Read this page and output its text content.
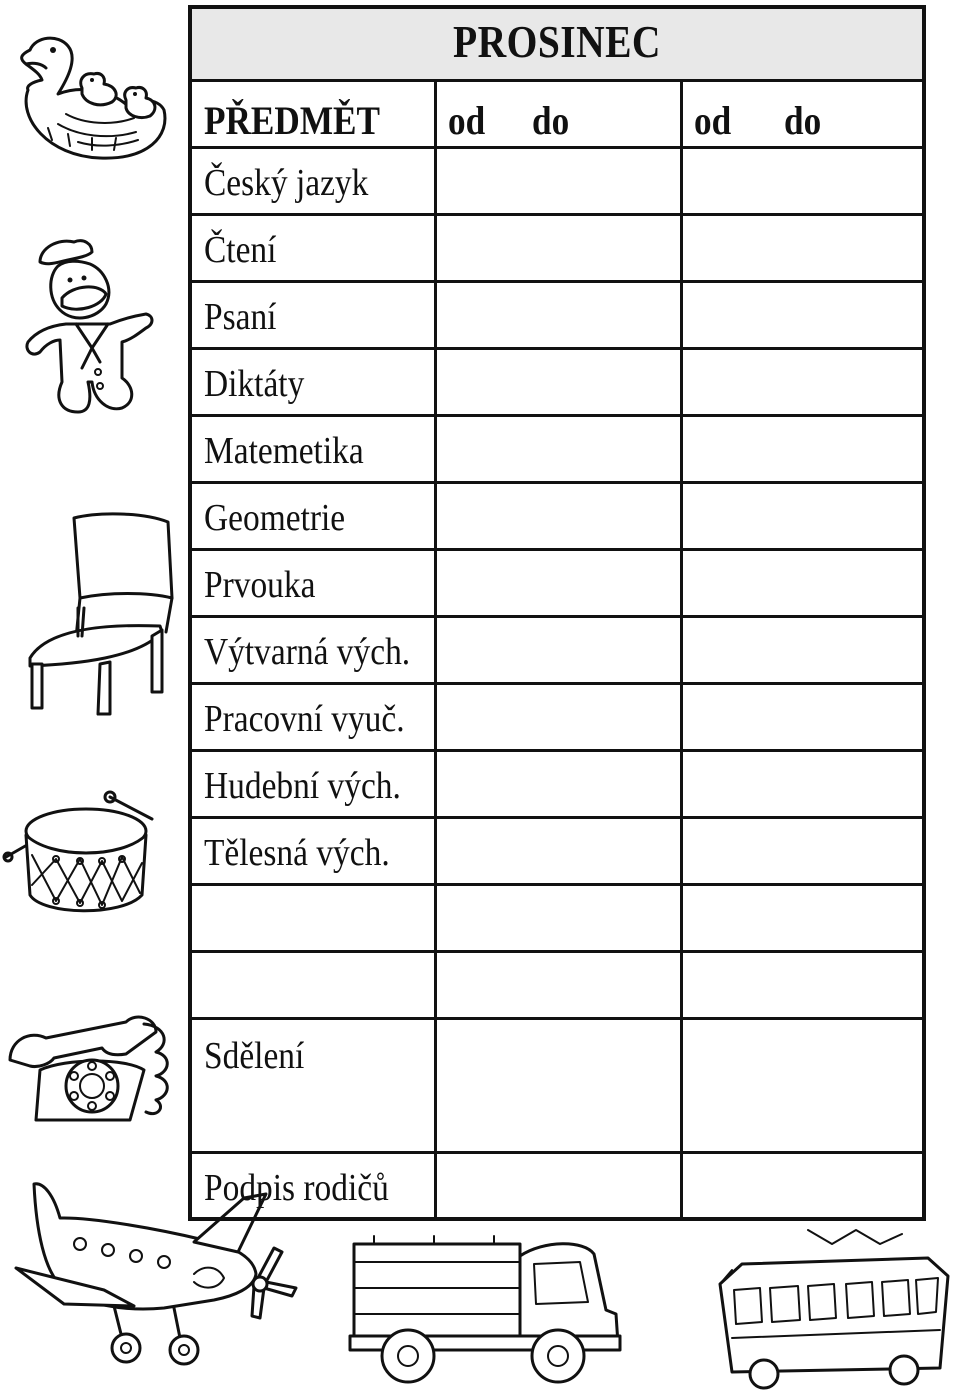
PROSINEC
PŘEDMĚT od do	od do
Český jazyk
Čtení
Psaní
Diktáty
Matemetika
Geometrie
Prvouka
Výtvarná vých.
Pracovní vyuč.
Hudební vých.
Tělesná vých.
Sdělení
Podpis rodičů
